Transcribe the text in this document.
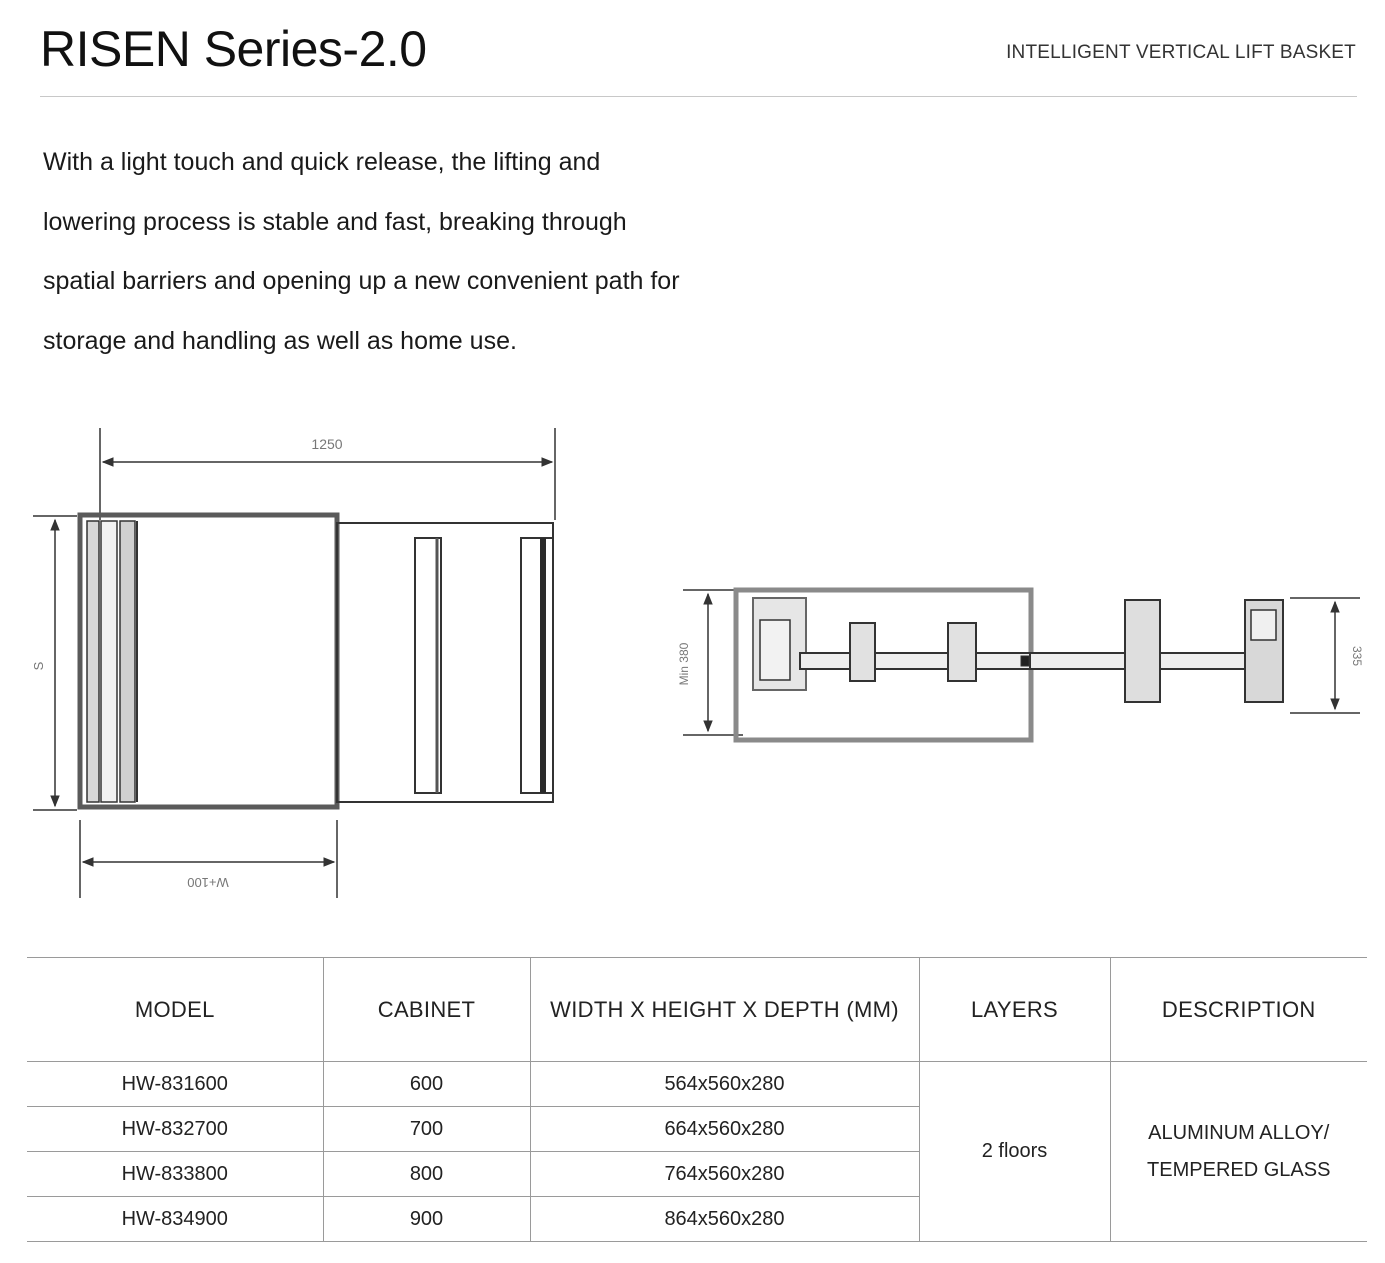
RISEN Series-2.0	INTELLIGENT VERTICAL LIFT BASKET
With a light touch and quick release, the lifting and
lowering process is stable and fast, breaking through
spatial barriers and opening up a new convenient path for
storage and handling as well as home use.
1250
S
W+100
Min 380	335
MODEL	CABINET	WIDTH X HEIGHT X DEPTH (MM)	LAYERS	DESCRIPTION
HW-831600	600	564x560x280	2 floors	ALUMINUM ALLOY/
TEMPERED GLASS

HW-832700	700	664x560x280		
HW-833800	800	764x560x280		
HW-834900	900	864x560x280		
